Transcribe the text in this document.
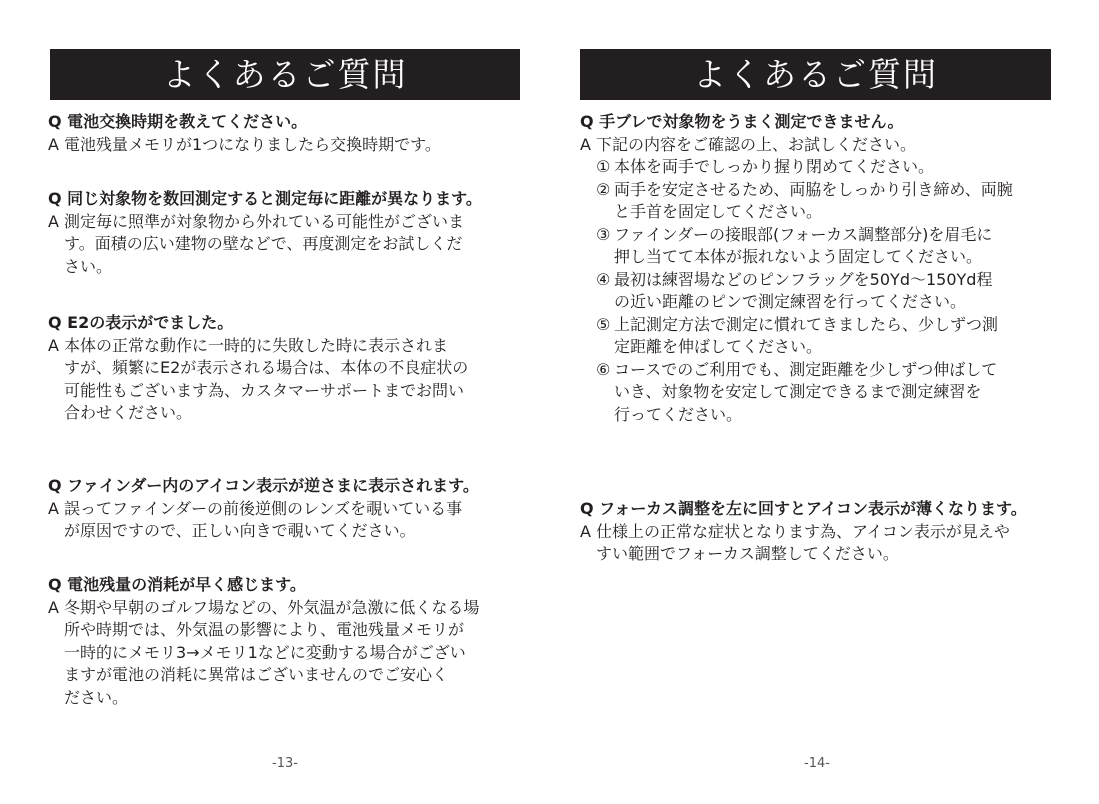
よくあるご質問
Q 電池交換時期を教えてください。
A 電池残量メモリが1つになりましたら交換時期です。
Q 同じ対象物を数回測定すると測定毎に距離が異なります。
A 測定毎に照準が対象物から外れている可能性がございま
す。面積の広い建物の壁などで、再度測定をお試しくだ
さい。
Q E2の表示がでました。
A 本体の正常な動作に一時的に失敗した時に表示されま
すが、頻繁にE2が表示される場合は、本体の不良症状の
可能性もございます為、カスタマーサポートまでお問い
合わせください。
Q ファインダー内のアイコン表示が逆さまに表示されます。
A 誤ってファインダーの前後逆側のレンズを覗いている事
が原因ですので、正しい向きで覗いてください。
Q 電池残量の消耗が早く感じます。
A 冬期や早朝のゴルフ場などの、外気温が急激に低くなる場
所や時期では、外気温の影響により、電池残量メモリが
一時的にメモリ3→メモリ1などに変動する場合がござい
ますが電池の消耗に異常はございませんのでご安心く
ださい。
-13-
よくあるご質問
Q 手ブレで対象物をうまく測定できません。
A 下記の内容をご確認の上、お試しください。
① 本体を両手でしっかり握り閉めてください。
② 両手を安定させるため、両脇をしっかり引き締め、両腕
と手首を固定してください。
③ ファインダーの接眼部(フォーカス調整部分)を眉毛に
押し当てて本体が振れないよう固定してください。
④ 最初は練習場などのピンフラッグを50Yd～150Yd程
の近い距離のピンで測定練習を行ってください。
⑤ 上記測定方法で測定に慣れてきましたら、少しずつ測
定距離を伸ばしてください。
⑥ コースでのご利用でも、測定距離を少しずつ伸ばして
いき、対象物を安定して測定できるまで測定練習を
行ってください。
Q フォーカス調整を左に回すとアイコン表示が薄くなります。
A 仕様上の正常な症状となります為、アイコン表示が見えや
すい範囲でフォーカス調整してください。
-14-
